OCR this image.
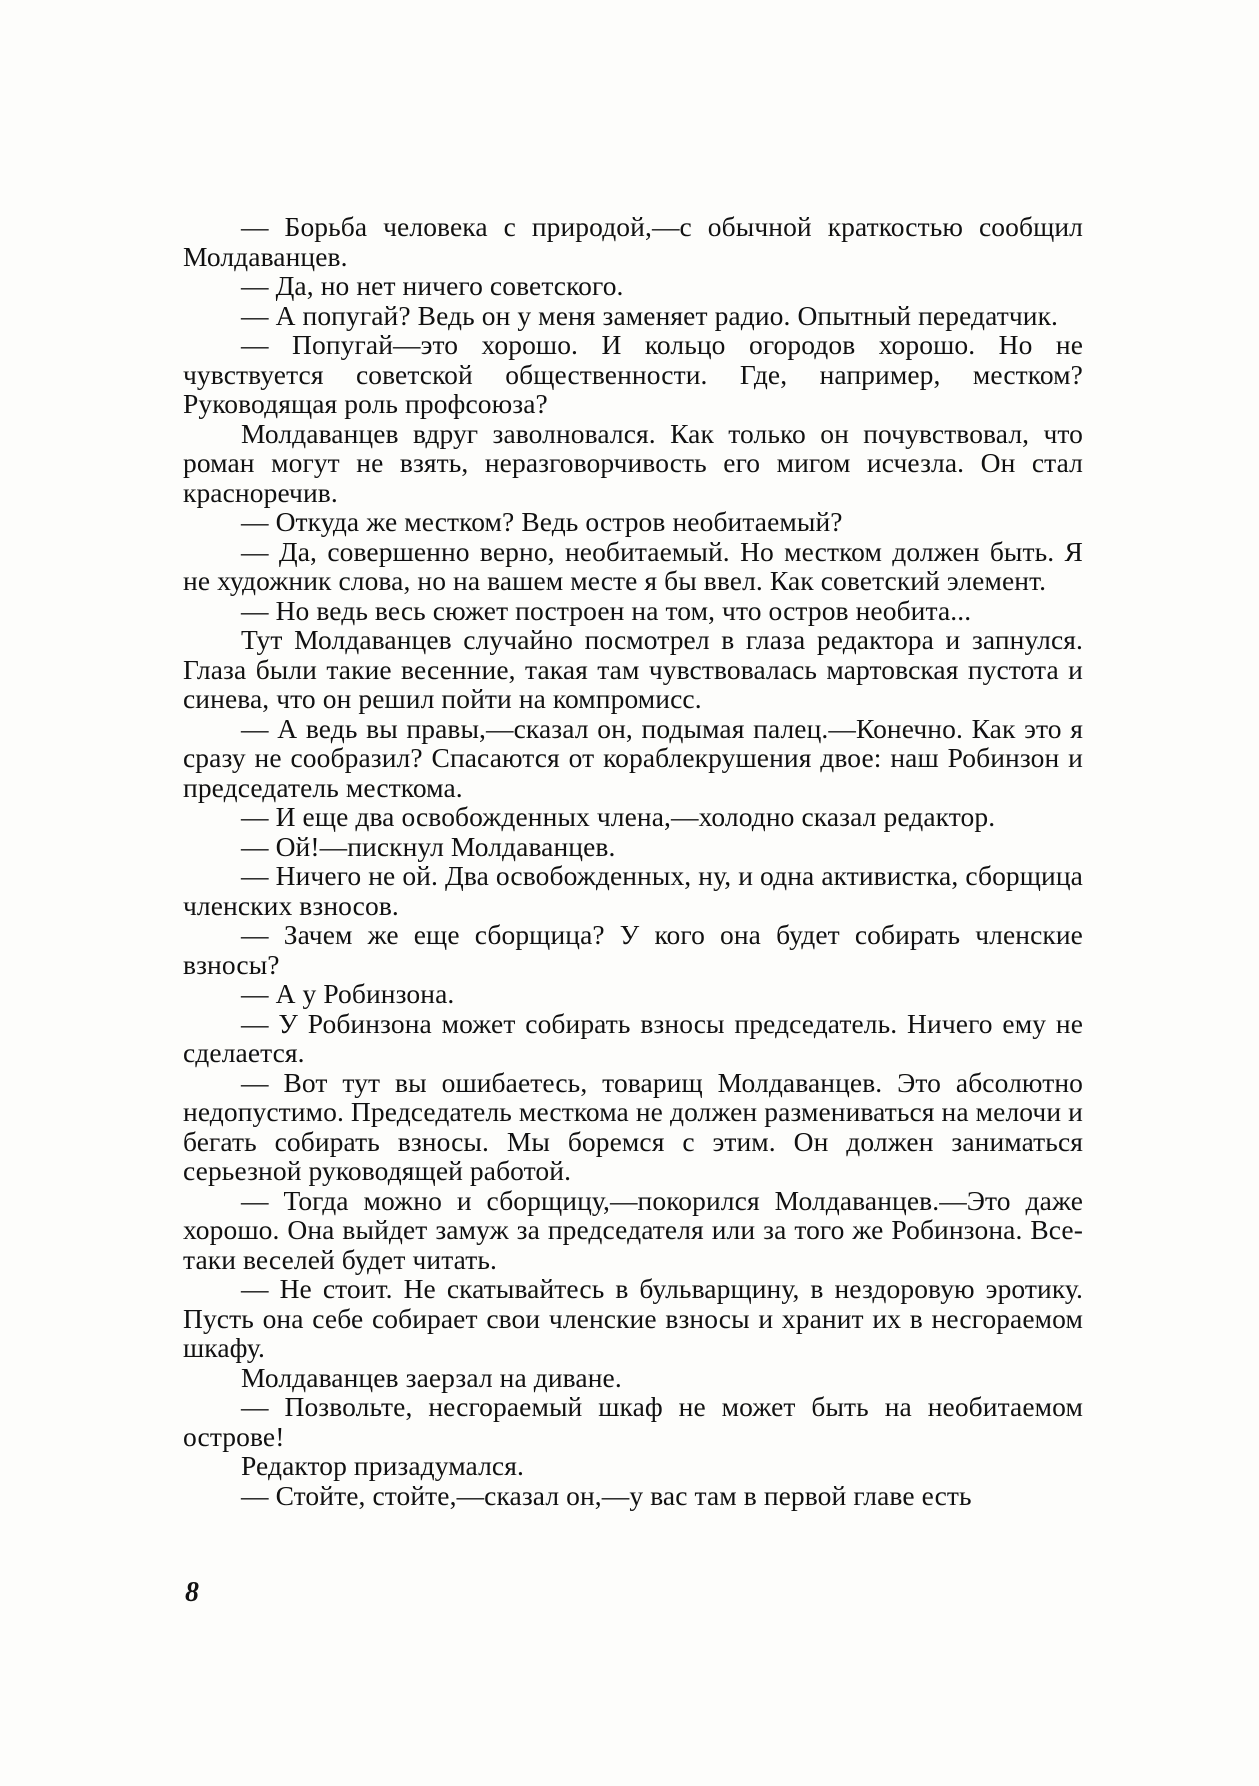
— Борьба человека с природой,—с обычной краткостью сообщил Молдаванцев.

— Да, но нет ничего советского.

— А попугай? Ведь он у меня заменяет радио. Опытный передатчик.

— Попугай—это хорошо. И кольцо огородов хорошо. Но не чувствуется советской общественности. Где, например, местком? Руководящая роль профсоюза?

Молдаванцев вдруг заволновался. Как только он почувствовал, что роман могут не взять, неразговорчивость его мигом исчезла. Он стал красноречив.

— Откуда же местком? Ведь остров необитаемый?

— Да, совершенно верно, необитаемый. Но местком должен быть. Я не художник слова, но на вашем месте я бы ввел. Как советский элемент.

— Но ведь весь сюжет построен на том, что остров необита...

Тут Молдаванцев случайно посмотрел в глаза редактора и запнулся. Глаза были такие весенние, такая там чувствовалась мартовская пустота и синева, что он решил пойти на компромисс.

— А ведь вы правы,—сказал он, подымая палец.—Конечно. Как это я сразу не сообразил? Спасаются от кораблекрушения двое: наш Робинзон и председатель месткома.

— И еще два освобожденных члена,—холодно сказал редактор.

— Ой!—пискнул Молдаванцев.

— Ничего не ой. Два освобожденных, ну, и одна активистка, сборщица членских взносов.

— Зачем же еще сборщица? У кого она будет собирать членские взносы?

— А у Робинзона.

— У Робинзона может собирать взносы председатель. Ничего ему не сделается.

— Вот тут вы ошибаетесь, товарищ Молдаванцев. Это абсолютно недопустимо. Председатель месткома не должен размениваться на мелочи и бегать собирать взносы. Мы боремся с этим. Он должен заниматься серьезной руководящей работой.

— Тогда можно и сборщицу,—покорился Молдаванцев.—Это даже хорошо. Она выйдет замуж за председателя или за того же Робинзона. Все-таки веселей будет читать.

— Не стоит. Не скатывайтесь в бульварщину, в нездоровую эротику. Пусть она себе собирает свои членские взносы и хранит их в несгораемом шкафу.

Молдаванцев заерзал на диване.

— Позвольте, несгораемый шкаф не может быть на необитаемом острове!

Редактор призадумался.

— Стойте, стойте,—сказал он,—у вас там в первой главе есть

8
